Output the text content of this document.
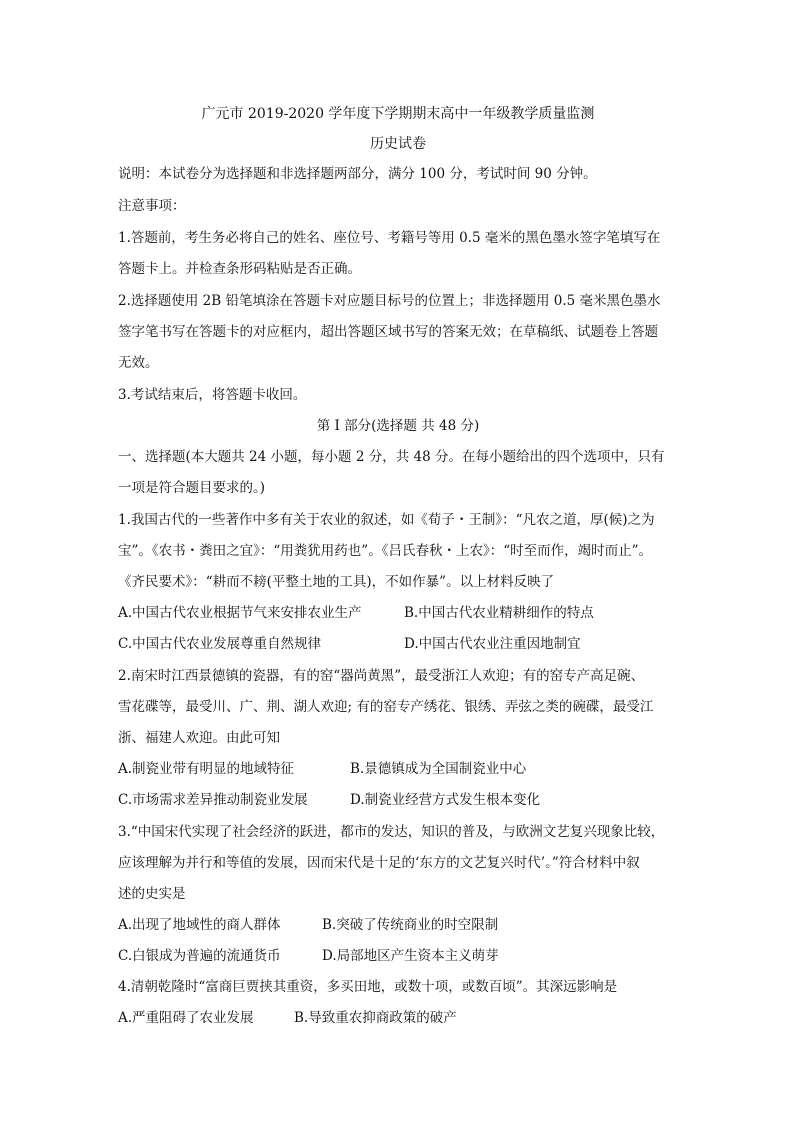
广元市 2019-2020 学年度下学期期末高中一年级教学质量监测
历史试卷
说明：本试卷分为选择题和非选择题两部分，满分 100 分，考试时间 90 分钟。
注意事项：
1.答题前，考生务必将自己的姓名、座位号、考籍号等用 0.5 毫米的黑色墨水签字笔填写在
答题卡上。并检查条形码粘贴是否正确。
2.选择题使用 2B 铅笔填涂在答题卡对应题目标号的位置上；非选择题用 0.5 毫米黑色墨水
签字笔书写在答题卡的对应框内，超出答题区域书写的答案无效；在草稿纸、试题卷上答题
无效。
3.考试结束后，将答题卡收回。
第 I 部分(选择题 共 48 分)
一、选择题(本大题共 24 小题，每小题 2 分，共 48 分。在每小题给出的四个选项中，只有
一项是符合题目要求的。)
1.我国古代的一些著作中多有关于农业的叙述，如《荀子・王制》：“凡农之道，厚(候)之为
宝”。《农书・粪田之宜》：“用粪犹用药也”。《吕氏春秋・上农》：“时至而作，竭时而止”。
《齐民要术》：“耕而不耪(平整土地的工具)，不如作暴”。以上材料反映了
A.中国古代农业根据节气来安排农业生产	B.中国古代农业精耕细作的特点
C.中国古代农业发展尊重自然规律	D.中国古代农业注重因地制宜
2.南宋时江西景德镇的瓷器，有的窑“器尚黄黑”，最受浙江人欢迎；有的窑专产高足碗、
雪花碟等，最受川、广、荆、湖人欢迎; 有的窑专产绣花、银绣、弄弦之类的碗碟，最受江
浙、福建人欢迎。由此可知
A.制瓷业带有明显的地域特征	B.景德镇成为全国制瓷业中心
C.市场需求差异推动制瓷业发展	D.制瓷业经营方式发生根本变化
3.“中国宋代实现了社会经济的跃进，都市的发达，知识的普及，与欧洲文艺复兴现象比较，
应该理解为并行和等值的发展，因而宋代是十足的‘东方的文艺复兴时代’。”符合材料中叙
述的史实是
A.出现了地域性的商人群体	B.突破了传统商业的时空限制
C.白银成为普遍的流通货币	D.局部地区产生资本主义萌芽
4.清朝乾隆时“富商巨贾挟其重资，多买田地，或数十项，或数百顷”。其深远影响是
A.严重阻碍了农业发展	B.导致重农抑商政策的破产
